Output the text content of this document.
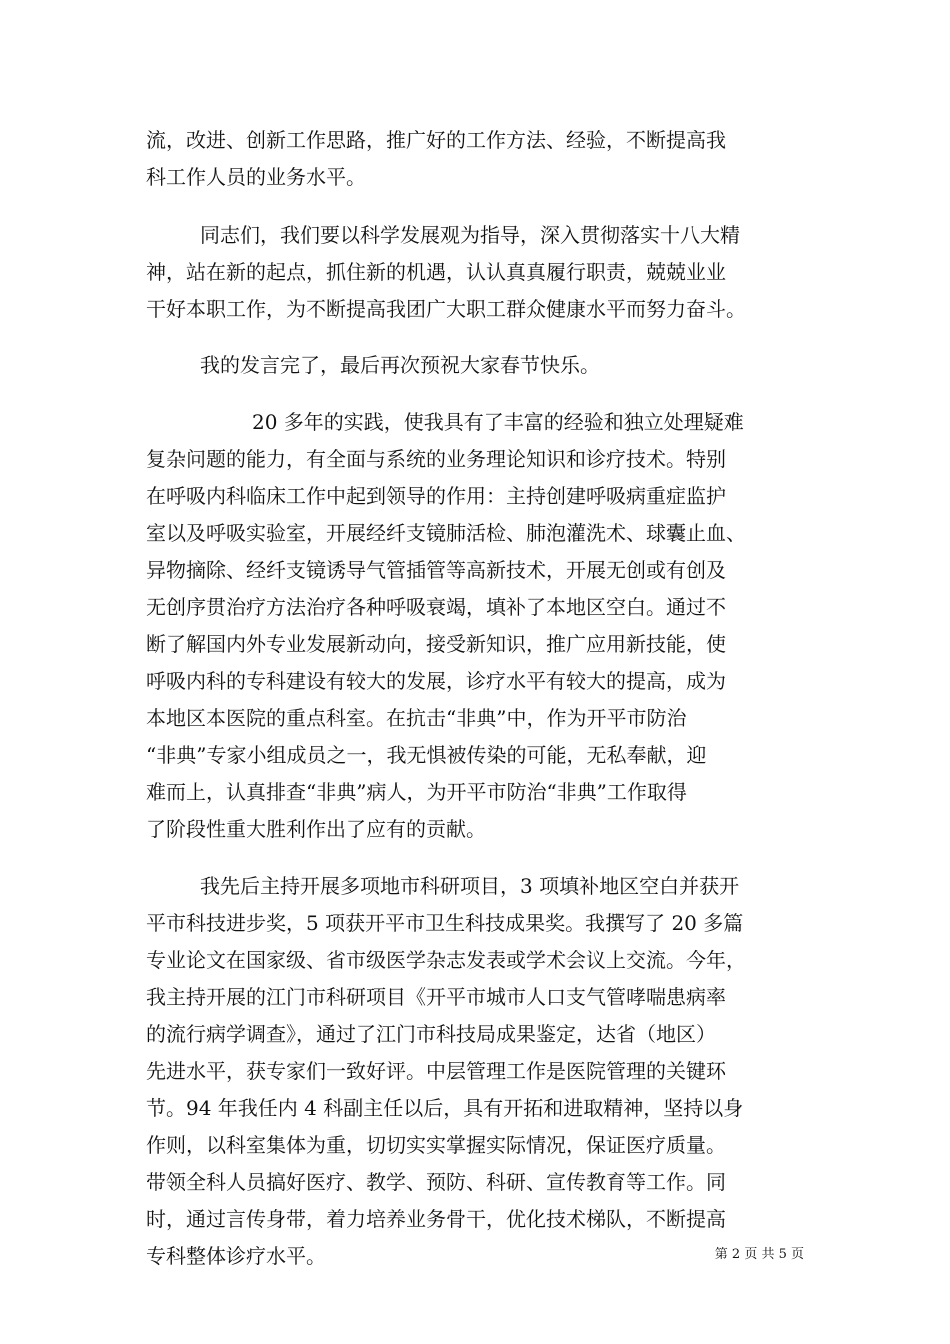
流，改进、创新工作思路，推广好的工作方法、经验，不断提高我
科工作人员的业务水平。
同志们，我们要以科学发展观为指导，深入贯彻落实十八大精
神，站在新的起点，抓住新的机遇，认认真真履行职责，兢兢业业
干好本职工作，为不断提高我团广大职工群众健康水平而努力奋斗。
我的发言完了，最后再次预祝大家春节快乐。
20 多年的实践，使我具有了丰富的经验和独立处理疑难
复杂问题的能力，有全面与系统的业务理论知识和诊疗技术。特别
在呼吸内科临床工作中起到领导的作用：主持创建呼吸病重症监护
室以及呼吸实验室，开展经纤支镜肺活检、肺泡灌洗术、球囊止血、
异物摘除、经纤支镜诱导气管插管等高新技术，开展无创或有创及
无创序贯治疗方法治疗各种呼吸衰竭，填补了本地区空白。通过不
断了解国内外专业发展新动向，接受新知识，推广应用新技能，使
呼吸内科的专科建设有较大的发展，诊疗水平有较大的提高，成为
本地区本医院的重点科室。在抗击“非典”中，作为开平市防治
“非典”专家小组成员之一，我无惧被传染的可能，无私奉献，迎
难而上，认真排查“非典”病人，为开平市防治“非典”工作取得
了阶段性重大胜利作出了应有的贡献。
我先后主持开展多项地市科研项目，3 项填补地区空白并获开
平市科技进步奖，5 项获开平市卫生科技成果奖。我撰写了 20 多篇
专业论文在国家级、省市级医学杂志发表或学术会议上交流。今年，
我主持开展的江门市科研项目《开平市城市人口支气管哮喘患病率
的流行病学调查》，通过了江门市科技局成果鉴定，达省（地区）
先进水平，获专家们一致好评。中层管理工作是医院管理的关键环
节。94 年我任内 4 科副主任以后，具有开拓和进取精神，坚持以身
作则，以科室集体为重，切切实实掌握实际情况，保证医疗质量。
带领全科人员搞好医疗、教学、预防、科研、宣传教育等工作。同
时，通过言传身带，着力培养业务骨干，优化技术梯队，不断提高
专科整体诊疗水平。	第 2 页 共 5 页
